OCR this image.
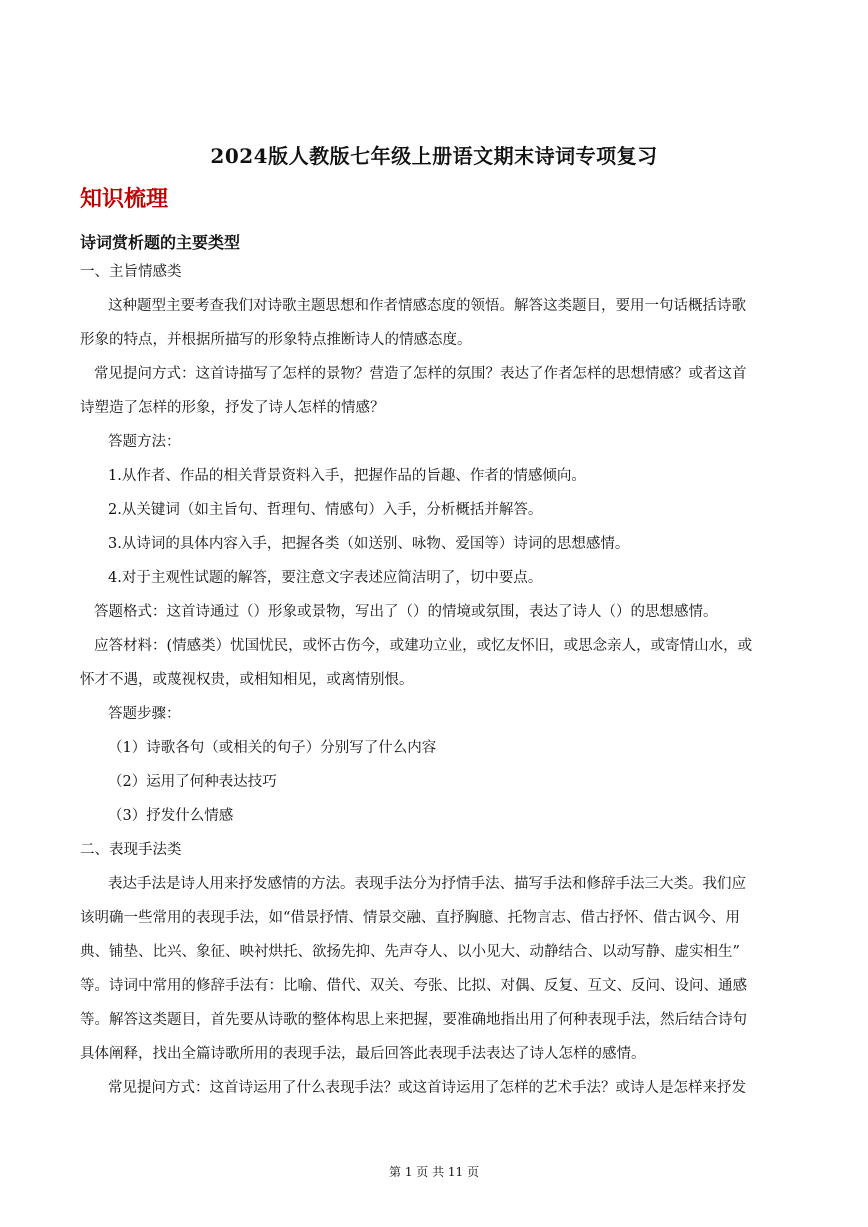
2024版人教版七年级上册语文期末诗词专项复习
知识梳理
诗词赏析题的主要类型
一、主旨情感类
这种题型主要考查我们对诗歌主题思想和作者情感态度的领悟。解答这类题目，要用一句话概括诗歌
形象的特点，并根据所描写的形象特点推断诗人的情感态度。
常见提问方式：这首诗描写了怎样的景物？营造了怎样的氛围？表达了作者怎样的思想情感？或者这首
诗塑造了怎样的形象，抒发了诗人怎样的情感？
答题方法：
1.从作者、作品的相关背景资料入手，把握作品的旨趣、作者的情感倾向。
2.从关键词（如主旨句、哲理句、情感句）入手，分析概括并解答。
3.从诗词的具体内容入手，把握各类（如送别、咏物、爱国等）诗词的思想感情。
4.对于主观性试题的解答，要注意文字表述应简洁明了，切中要点。
答题格式：这首诗通过（）形象或景物，写出了（）的情境或氛围，表达了诗人（）的思想感情。
应答材料：(情感类）忧国忧民，或怀古伤今，或建功立业，或忆友怀旧，或思念亲人，或寄情山水，或
怀才不遇，或蔑视权贵，或相知相见，或离情别恨。
答题步骤：
（1）诗歌各句（或相关的句子）分别写了什么内容
（2）运用了何种表达技巧
（3）抒发什么情感
二、表现手法类
表达手法是诗人用来抒发感情的方法。表现手法分为抒情手法、描写手法和修辞手法三大类。我们应
该明确一些常用的表现手法，如“借景抒情、情景交融、直抒胸臆、托物言志、借古抒怀、借古讽今、用
典、铺垫、比兴、象征、映衬烘托、欲扬先抑、先声夺人、以小见大、动静结合、以动写静、虚实相生”
等。诗词中常用的修辞手法有：比喻、借代、双关、夸张、比拟、对偶、反复、互文、反问、设问、通感
等。解答这类题目，首先要从诗歌的整体构思上来把握，要准确地指出用了何种表现手法，然后结合诗句
具体阐释，找出全篇诗歌所用的表现手法，最后回答此表现手法表达了诗人怎样的感情。
常见提问方式：这首诗运用了什么表现手法？或这首诗运用了怎样的艺术手法？或诗人是怎样来抒发
第 1 页 共 11 页
